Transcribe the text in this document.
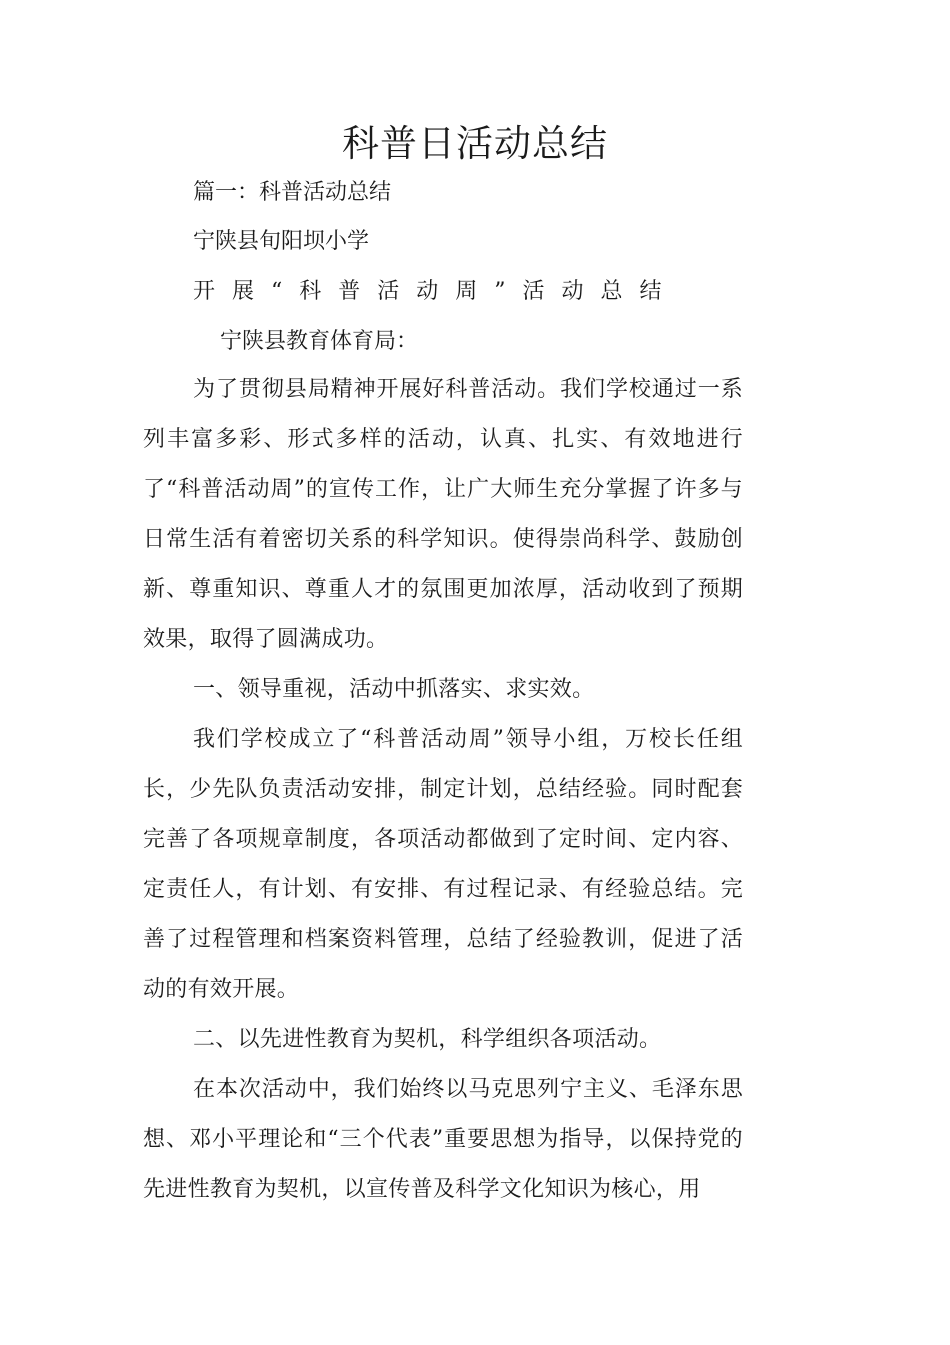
科普日活动总结
篇一：科普活动总结
宁陕县旬阳坝小学
开展“科普活动周”活动总结
宁陕县教育体育局：
为了贯彻县局精神开展好科普活动。我们学校通过一系列丰富多彩、形式多样的活动，认真、扎实、有效地进行了“科普活动周”的宣传工作，让广大师生充分掌握了许多与日常生活有着密切关系的科学知识。使得崇尚科学、鼓励创新、尊重知识、尊重人才的氛围更加浓厚，活动收到了预期效果，取得了圆满成功。
一、领导重视，活动中抓落实、求实效。
我们学校成立了“科普活动周”领导小组，万校长任组长，少先队负责活动安排，制定计划，总结经验。同时配套完善了各项规章制度，各项活动都做到了定时间、定内容、定责任人，有计划、有安排、有过程记录、有经验总结。完善了过程管理和档案资料管理，总结了经验教训，促进了活动的有效开展。
二、以先进性教育为契机，科学组织各项活动。
在本次活动中，我们始终以马克思列宁主义、毛泽东思想、邓小平理论和“三个代表”重要思想为指导，以保持党的先进性教育为契机，以宣传普及科学文化知识为核心，用
